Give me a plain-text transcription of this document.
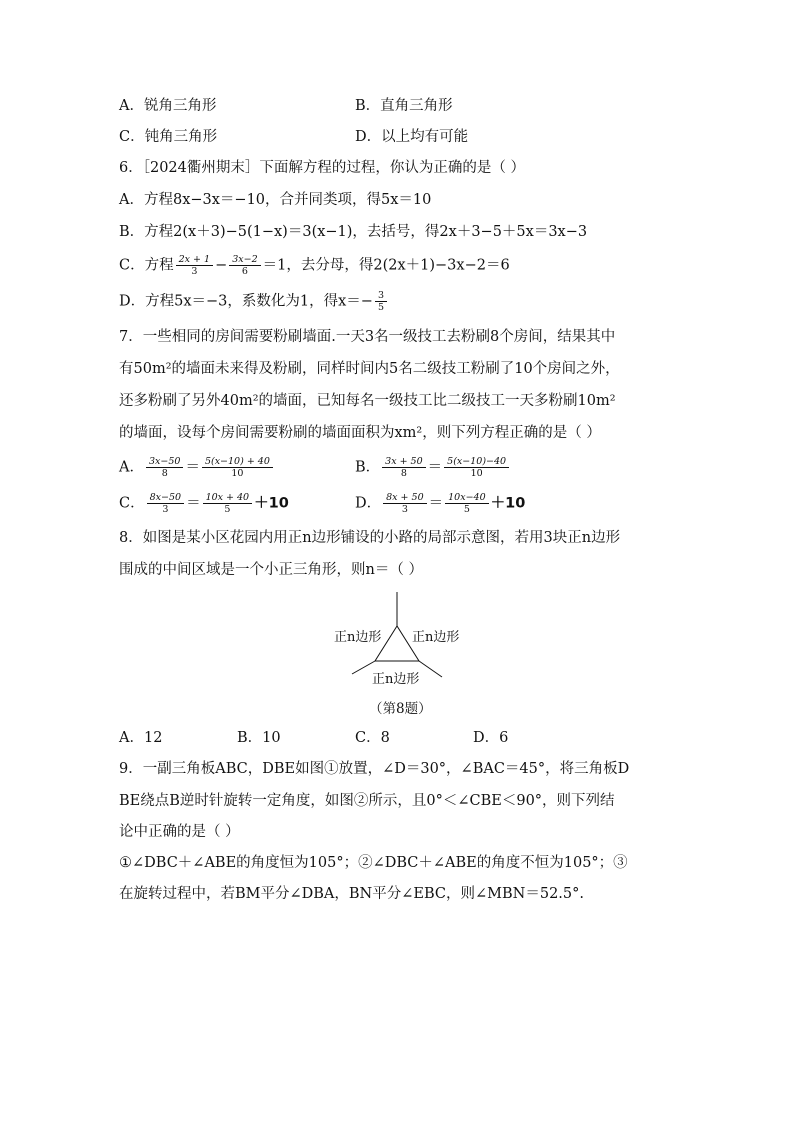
A．锐角三角形	B．直角三角形
C．钝角三角形	D．以上均有可能
6．［2024衢州期末］下面解方程的过程，你认为正确的是（ ）
A．方程8x−3x＝−10，合并同类项，得5x＝10
B．方程2(x＋3)−5(1−x)＝3(x−1)，去括号，得2x＋3−5＋5x＝3x−3
C．方程 $\frac{2x + 1}{3} - \frac{3x-2}{6} =1$，去分母，得2(2x＋1)−3x−2＝6
D．方程5x＝−3，系数化为1，得$x=- \frac{3}{5}$
7．一些相同的房间需要粉刷墙面.一天3名一级技工去粉刷8个房间，结果其中
有50m²的墙面未来得及粉刷，同样时间内5名二级技工粉刷了10个房间之外，
还多粉刷了另外40m²的墙面，已知每名一级技工比二级技工一天多粉刷10m²
的墙面，设每个房间需要粉刷的墙面面积为xm²，则下列方程正确的是（ ）
A． $\frac{3x-50}{8} = \frac{5(x-10) + 40}{10}$	B． $\frac{3x + 50}{8} = \frac{5(x-10)-40}{10}$
C． $\frac{8x-50}{3} = \frac{10x + 40}{5} +10$	D． $\frac{8x + 50}{3} = \frac{10x-40}{5} +10$
8．如图是某小区花园内用正n边形铺设的小路的局部示意图，若用3块正n边形
围成的中间区域是一个小正三角形，则n＝（ ）
正n边形 正n边形
正n边形
（第8题）
A．12	B．10	C．8	D．6
9．一副三角板ABC，DBE如图①放置，∠D＝30°，∠BAC＝45°，将三角板D
BE绕点B逆时针旋转一定角度，如图②所示，且0°＜∠CBE＜90°，则下列结
论中正确的是（ ）
①∠DBC＋∠ABE的角度恒为105°；②∠DBC＋∠ABE的角度不恒为105°；③
在旋转过程中，若BM平分∠DBA，BN平分∠EBC，则∠MBN＝52.5°.
